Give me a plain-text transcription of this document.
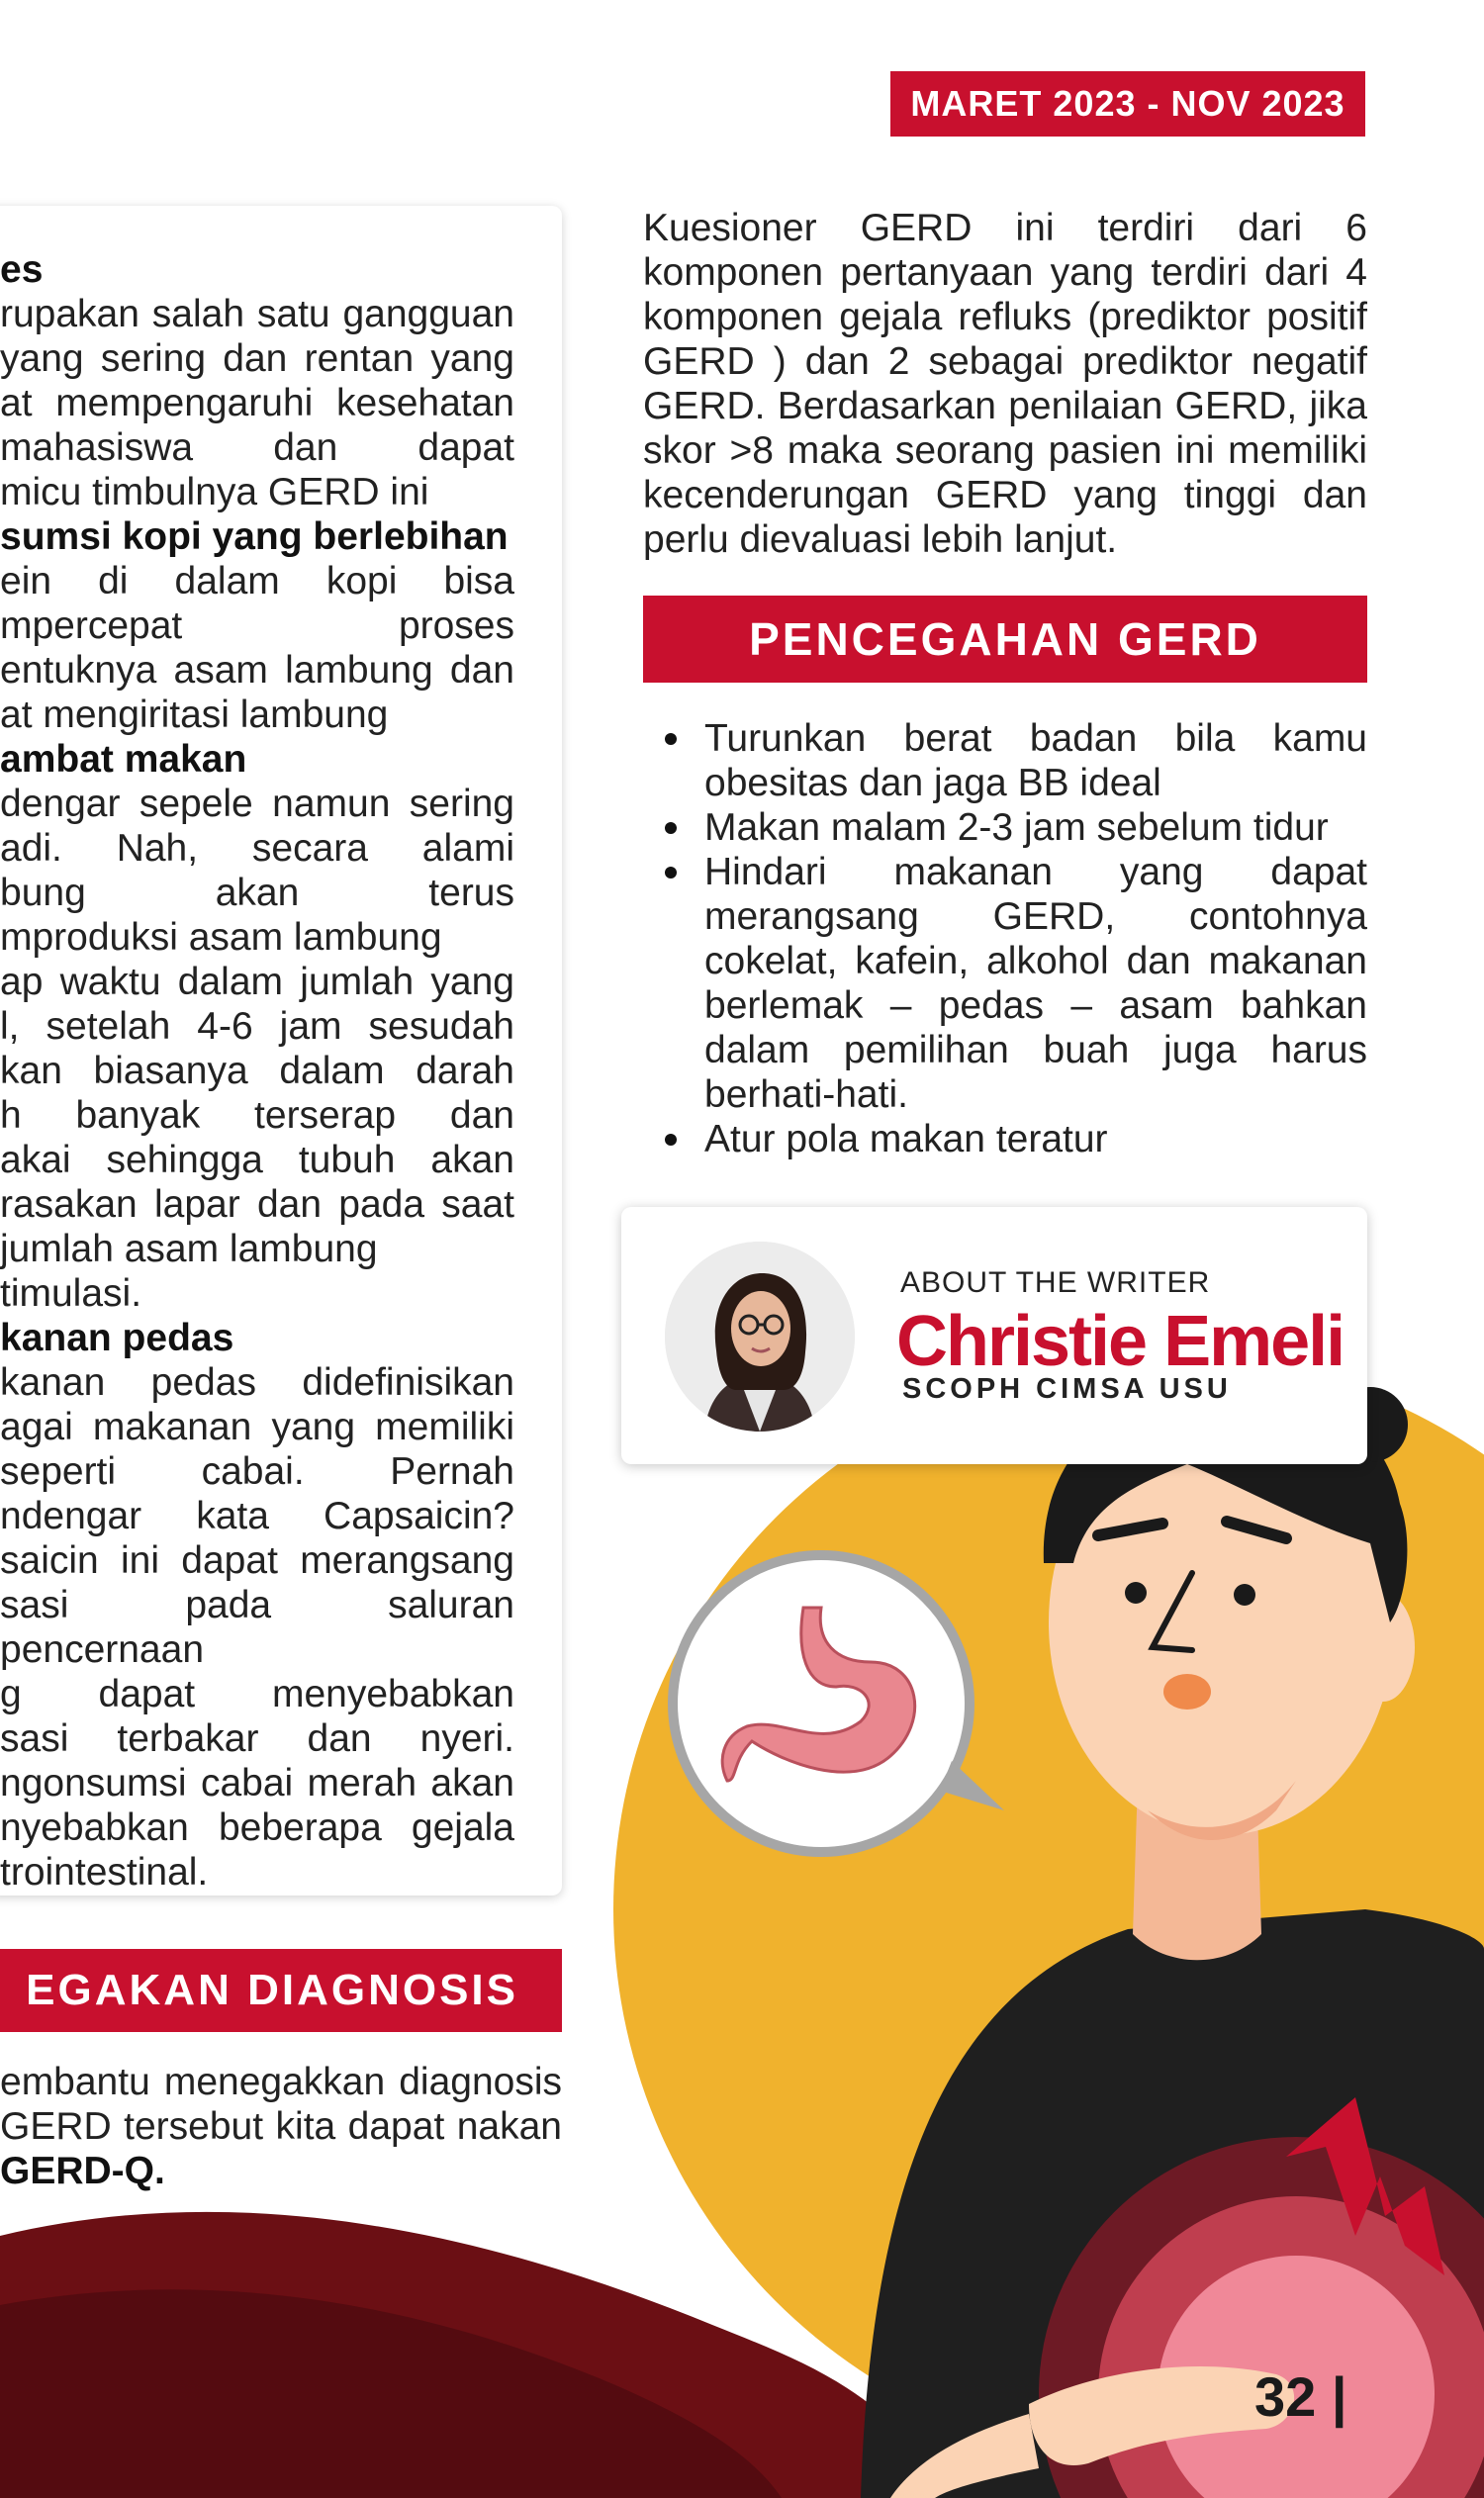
MARET 2023 - NOV 2023

es

rupakan salah satu gangguan

yang sering dan rentan yang

at mempengaruhi kesehatan

mahasiswa dan dapat

micu timbulnya GERD ini

sumsi kopi yang berlebihan

ein di dalam kopi bisa

mpercepat proses

entuknya asam lambung dan

at mengiritasi lambung

ambat makan

dengar sepele namun sering

adi. Nah, secara alami

bung akan terus

mproduksi asam lambung

ap waktu dalam jumlah yang

l, setelah 4-6 jam sesudah

kan biasanya dalam darah

h banyak terserap dan

akai sehingga tubuh akan

rasakan lapar dan pada saat

jumlah asam lambung

timulasi.

kanan pedas

kanan pedas didefinisikan

agai makanan yang memiliki

seperti cabai. Pernah

ndengar kata Capsaicin?

saicin ini dapat merangsang

sasi pada saluran pencernaan

g dapat menyebabkan

sasi terbakar dan nyeri.

ngonsumsi cabai merah akan

nyebabkan beberapa gejala

trointestinal.

EGAKAN DIAGNOSIS
embantu menegakkan diagnosis GERD tersebut kita dapat nakan GERD-Q.
Kuesioner GERD ini terdiri dari 6 komponen pertanyaan yang terdiri dari 4 komponen gejala refluks (prediktor positif GERD ) dan 2 sebagai prediktor negatif GERD. Berdasarkan penilaian GERD, jika skor >8 maka seorang pasien ini memiliki kecenderungan GERD yang tinggi dan perlu dievaluasi lebih lanjut.
PENCEGAHAN GERD
Turunkan berat badan bila kamu obesitas dan jaga BB ideal
Makan malam 2-3 jam sebelum tidur
Hindari makanan yang dapat merangsang GERD, contohnya cokelat, kafein, alkohol dan makanan berlemak – pedas – asam bahkan dalam pemilihan buah juga harus berhati-hati.
Atur pola makan teratur
ABOUT THE WRITER
Christie Emeli
SCOPH CIMSA USU
32 |
